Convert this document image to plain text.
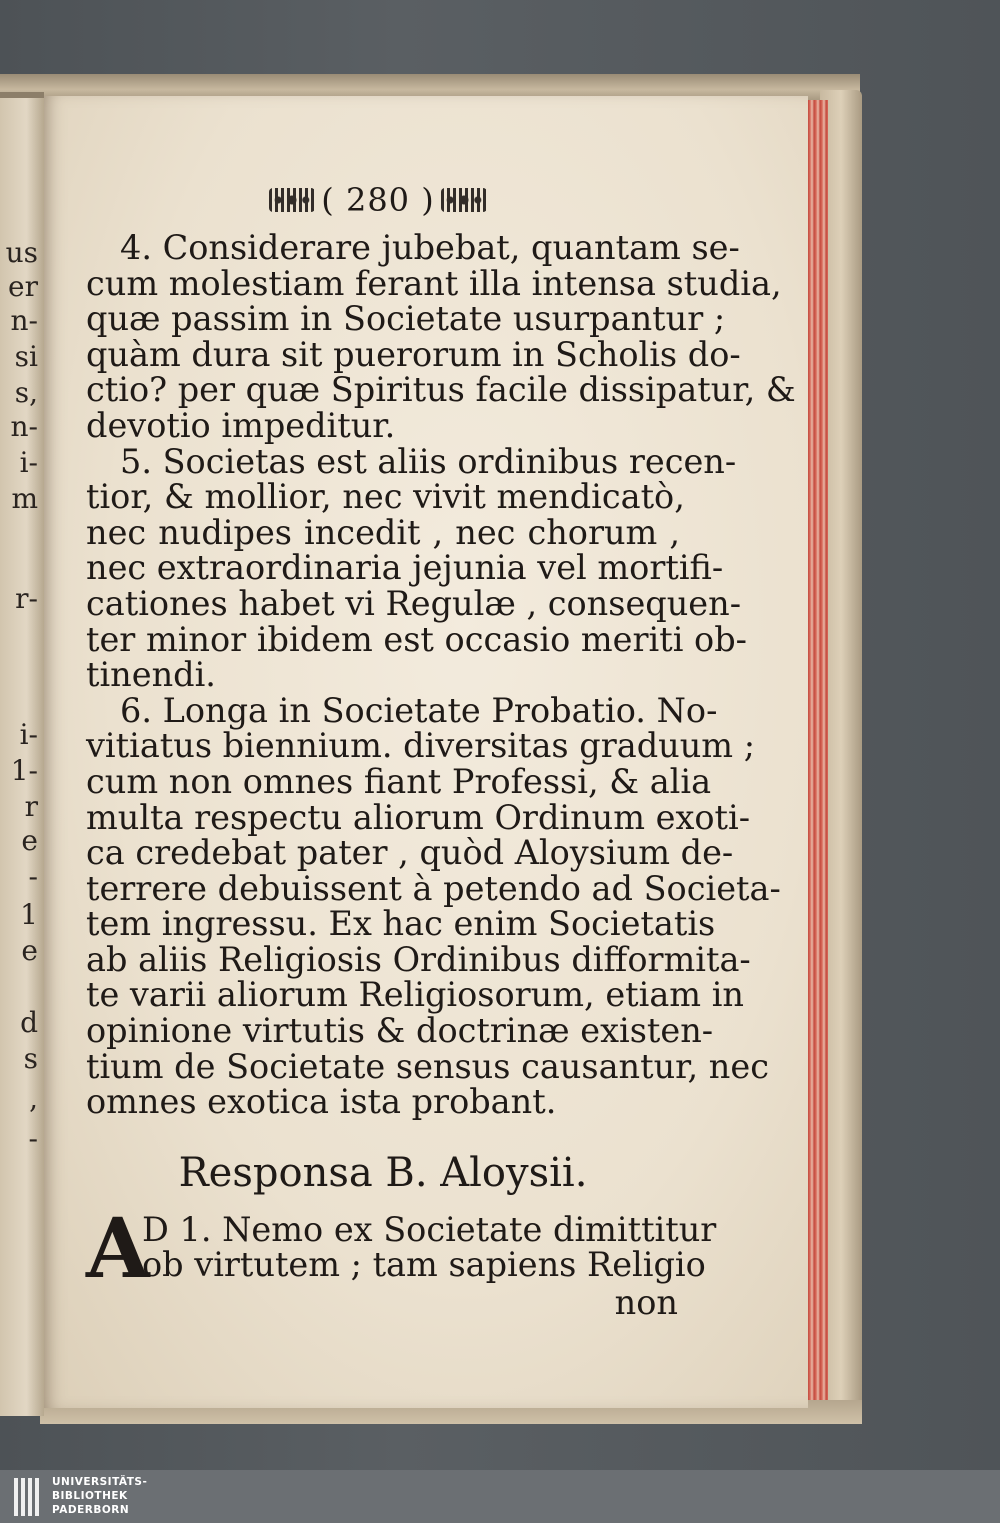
us
er
n-
si
s,
n-
i-
m
r-
i-
1-
r
e
-
1
e
d
s
,
-
( 280 )
4. Considerare jubebat, quantam se-
cum molestiam ferant illa intensa studia,
quæ passim in Societate usurpantur ;
quàm dura sit puerorum in Scholis do-
ctio? per quæ Spiritus facile dissipatur, &
devotio impeditur.
5. Societas est aliis ordinibus recen-
tior, & mollior, nec vivit mendicatò,
nec nudipes incedit , nec chorum ,
nec extraordinaria jejunia vel mortifi-
cationes habet vi Regulæ , consequen-
ter minor ibidem est occasio meriti ob-
tinendi.
6. Longa in Societate Probatio. No-
vitiatus biennium. diversitas graduum ;
cum non omnes fiant Professi, & alia
multa respectu aliorum Ordinum exoti-
ca credebat pater , quòd Aloysium de-
terrere debuissent à petendo ad Societa-
tem ingressu. Ex hac enim Societatis
ab aliis Religiosis Ordinibus difformita-
te varii aliorum Religiosorum, etiam in
opinione virtutis & doctrinæ existen-
tium de Societate sensus causantur, nec
omnes exotica ista probant.
Responsa B. Aloysii.
A
D 1. Nemo ex Societate dimittitur
ob virtutem ; tam sapiens Religio
non
UNIVERSITÄTS-
BIBLIOTHEK
PADERBORN
